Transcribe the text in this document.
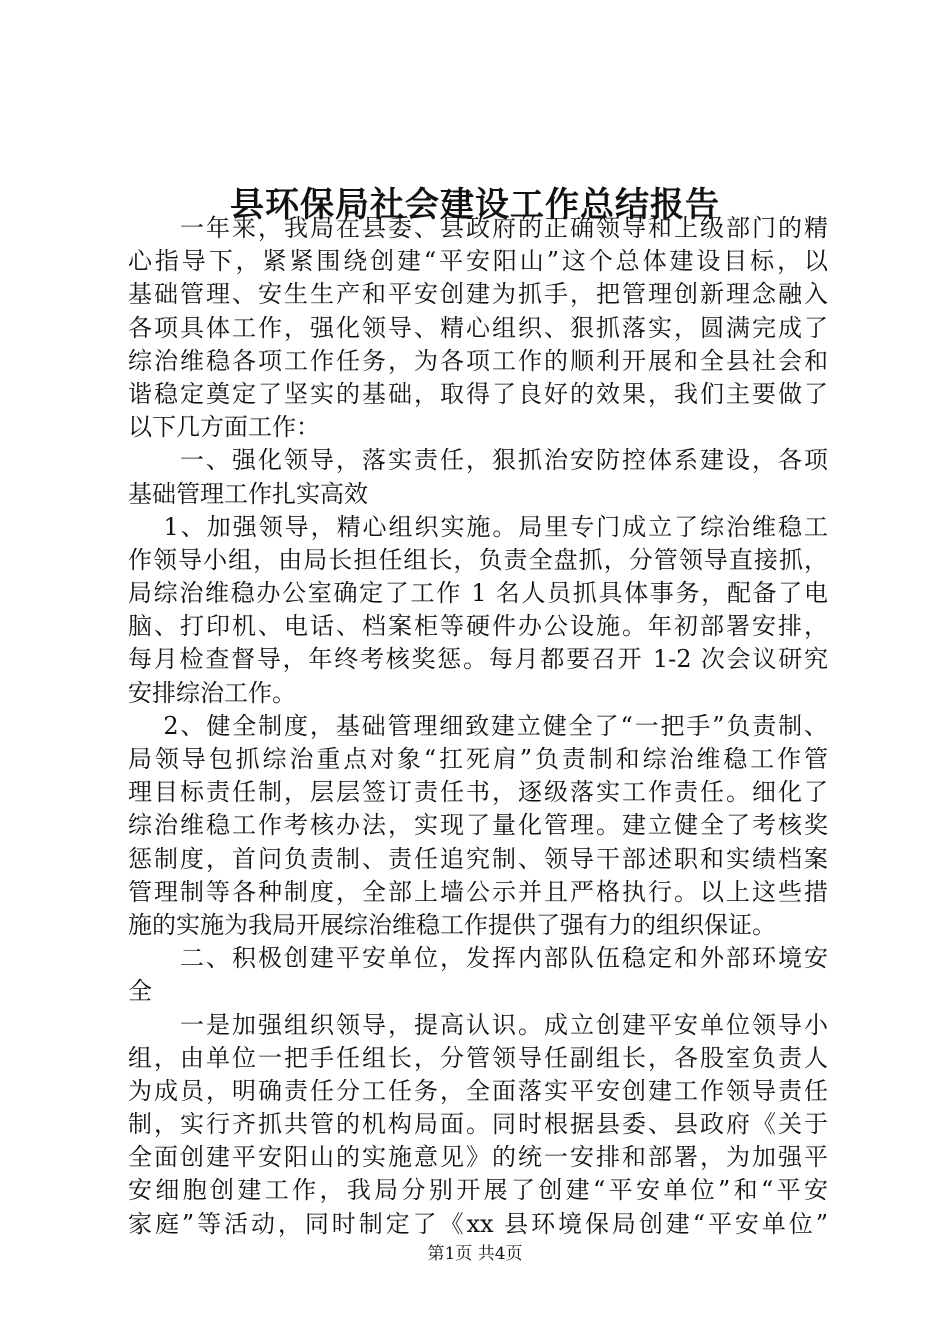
县环保局社会建设工作总结报告
　　一年来，我局在县委、县政府的正确领导和上级部门的精
心指导下，紧紧围绕创建“平安阳山”这个总体建设目标，以
基础管理、安生生产和平安创建为抓手，把管理创新理念融入
各项具体工作，强化领导、精心组织、狠抓落实，圆满完成了
综治维稳各项工作任务，为各项工作的顺利开展和全县社会和
谐稳定奠定了坚实的基础，取得了良好的效果，我们主要做了
以下几方面工作：
　　一、强化领导，落实责任，狠抓治安防控体系建设，各项
基础管理工作扎实高效
　 1、加强领导，精心组织实施。局里专门成立了综治维稳工
作领导小组，由局长担任组长，负责全盘抓，分管领导直接抓，
局综治维稳办公室确定了工作 1 名人员抓具体事务，配备了电
脑、打印机、电话、档案柜等硬件办公设施。年初部署安排，
每月检查督导，年终考核奖惩。每月都要召开 1-2 次会议研究
安排综治工作。
　 2、健全制度，基础管理细致建立健全了“一把手”负责制、
局领导包抓综治重点对象“扛死肩”负责制和综治维稳工作管
理目标责任制，层层签订责任书，逐级落实工作责任。细化了
综治维稳工作考核办法，实现了量化管理。建立健全了考核奖
惩制度，首问负责制、责任追究制、领导干部述职和实绩档案
管理制等各种制度，全部上墙公示并且严格执行。以上这些措
施的实施为我局开展综治维稳工作提供了强有力的组织保证。
　　二、积极创建平安单位，发挥内部队伍稳定和外部环境安
全
　　一是加强组织领导，提高认识。成立创建平安单位领导小
组，由单位一把手任组长，分管领导任副组长，各股室负责人
为成员，明确责任分工任务，全面落实平安创建工作领导责任
制，实行齐抓共管的机构局面。同时根据县委、县政府《关于
全面创建平安阳山的实施意见》的统一安排和部署，为加强平
安细胞创建工作，我局分别开展了创建“平安单位”和“平安
家庭”等活动，同时制定了《xx 县环境保局创建“平安单位”
第1页 共4页
